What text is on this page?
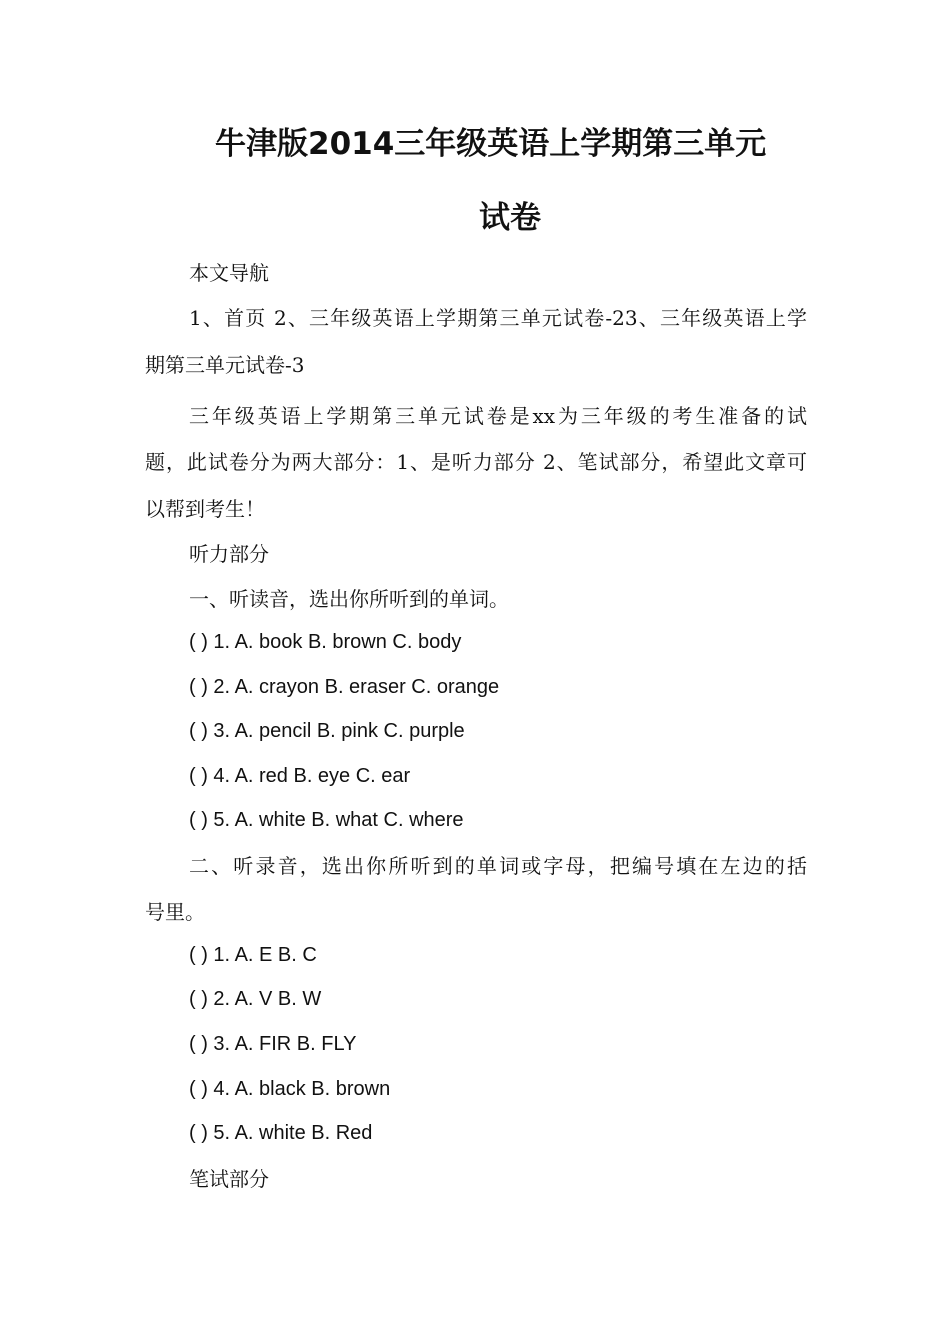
牛津版2014三年级英语上学期第三单元
试卷

本文导航

1、首页 2、三年级英语上学期第三单元试卷-23、三年级英语上学

期第三单元试卷-3

三年级英语上学期第三单元试卷是xx为三年级的考生准备的试

题，此试卷分为两大部分：1、是听力部分 2、笔试部分，希望此文章可

以帮到考生！

听力部分

一、听读音，选出你所听到的单词。

( ) 1. A. book B. brown C. body

( ) 2. A. crayon B. eraser C. orange

( ) 3. A. pencil B. pink C. purple

( ) 4. A. red B. eye C. ear

( ) 5. A. white B. what C. where

二、听录音，选出你所听到的单词或字母，把编号填在左边的括

号里。

( ) 1. A. E B. C

( ) 2. A. V B. W

( ) 3. A. FIR B. FLY

( ) 4. A. black B. brown

( ) 5. A. white B. Red

笔试部分
